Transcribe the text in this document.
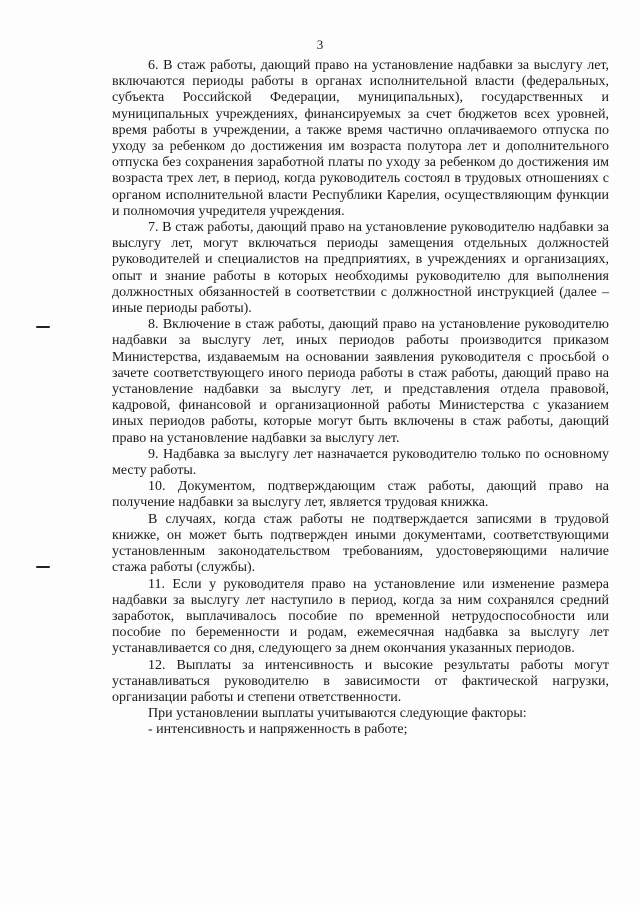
3

6. В стаж работы, дающий право на установление надбавки за выслугу лет, включаются периоды работы в органах исполнительной власти (федеральных, субъекта Российской Федерации, муниципальных), государственных и муниципальных учреждениях, финансируемых за счет бюджетов всех уровней, время работы в учреждении, а также время частично оплачиваемого отпуска по уходу за ребенком до достижения им возраста полутора лет и дополнительного отпуска без сохранения заработной платы по уходу за ребенком до достижения им возраста трех лет, в период, когда руководитель состоял в трудовых отношениях с органом исполнительной власти Республики Карелия, осуществляющим функции и полномочия учредителя учреждения.

7. В стаж работы, дающий право на установление руководителю надбавки за выслугу лет, могут включаться периоды замещения отдельных должностей руководителей и специалистов на предприятиях, в учреждениях и организациях, опыт и знание работы в которых необходимы руководителю для выполнения должностных обязанностей в соответствии с должностной инструкцией (далее – иные периоды работы).

8. Включение в стаж работы, дающий право на установление руководителю надбавки за выслугу лет, иных периодов работы производится приказом Министерства, издаваемым на основании заявления руководителя с просьбой о зачете соответствующего иного периода работы в стаж работы, дающий право на установление надбавки за выслугу лет, и представления отдела правовой, кадровой, финансовой и организационной работы Министерства с указанием иных периодов работы, которые могут быть включены в стаж работы, дающий право на установление надбавки за выслугу лет.

9. Надбавка за выслугу лет назначается руководителю только по основному месту работы.

10. Документом, подтверждающим стаж работы, дающий право на получение надбавки за выслугу лет, является трудовая книжка.

В случаях, когда стаж работы не подтверждается записями в трудовой книжке, он может быть подтвержден иными документами, соответствующими установленным законодательством требованиям, удостоверяющими наличие стажа работы (службы).

11. Если у руководителя право на установление или изменение размера надбавки за выслугу лет наступило в период, когда за ним сохранялся средний заработок, выплачивалось пособие по временной нетрудоспособности или пособие по беременности и родам, ежемесячная надбавка за выслугу лет устанавливается со дня, следующего за днем окончания указанных периодов.

12. Выплаты за интенсивность и высокие результаты работы могут устанавливаться руководителю в зависимости от фактической нагрузки, организации работы и степени ответственности.

При установлении выплаты учитываются следующие факторы:

- интенсивность и напряженность в работе;
